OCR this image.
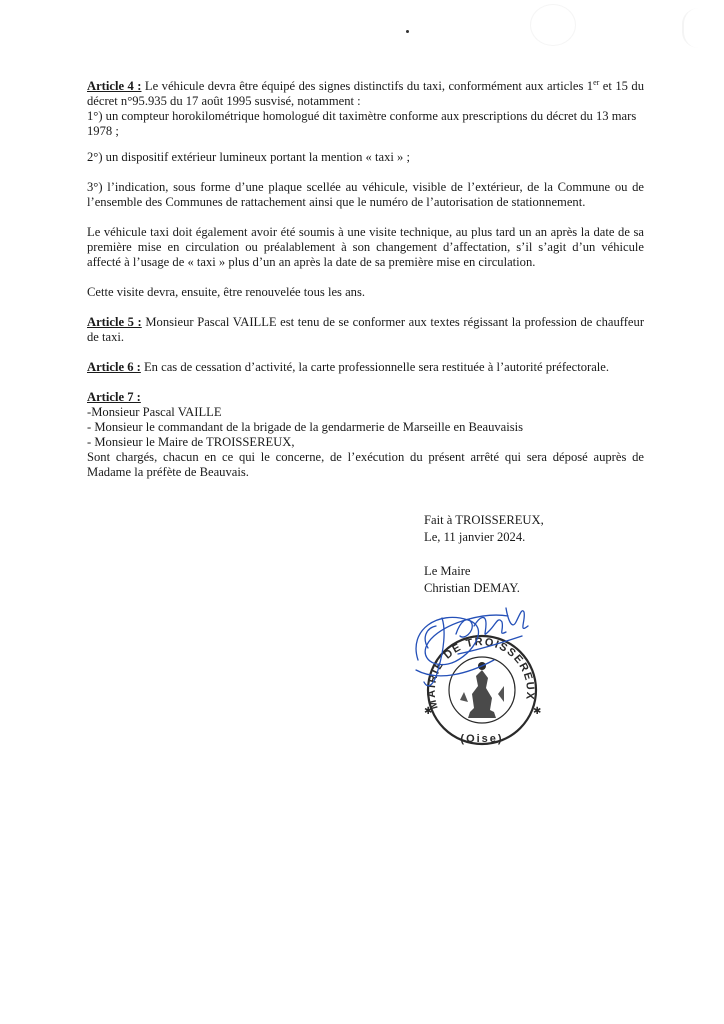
Article 4 : Le véhicule devra être équipé des signes distinctifs du taxi, conformément aux articles 1er et 15 du décret n°95.935 du 17 août 1995 susvisé, notamment :

1°) un compteur horokilométrique homologué dit taximètre conforme aux prescriptions du décret du 13 mars 1978 ;

2°) un dispositif extérieur lumineux portant la mention « taxi » ;

3°) l’indication, sous forme d’une plaque scellée au véhicule, visible de l’extérieur, de la Commune ou de l’ensemble des Communes de rattachement ainsi que le numéro de l’autorisation de stationnement.

Le véhicule taxi doit également avoir été soumis à une visite technique, au plus tard un an après la date de sa première mise en circulation ou préalablement à son changement d’affectation, s’il s’agit d’un véhicule affecté à l’usage de « taxi » plus d’un an après la date de sa première mise en circulation.

Cette visite devra, ensuite, être renouvelée tous les ans.

Article 5 : Monsieur Pascal VAILLE est tenu de se conformer aux textes régissant la profession de chauffeur de taxi.

Article 6 : En cas de cessation d’activité, la carte professionnelle sera restituée à l’autorité préfectorale.

Article 7 :

-Monsieur Pascal VAILLE

- Monsieur le commandant de la brigade de la gendarmerie de Marseille en Beauvaisis

- Monsieur le Maire de TROISSEREUX,

Sont chargés, chacun en ce qui le concerne, de l’exécution du présent arrêté qui sera déposé auprès de Madame la préfète de Beauvais.

Fait à TROISSEREUX,
Le, 11 janvier 2024.
Le Maire
Christian DEMAY.
MAIRIE DE TROISSEREUX
(Oise)
✱
✱
